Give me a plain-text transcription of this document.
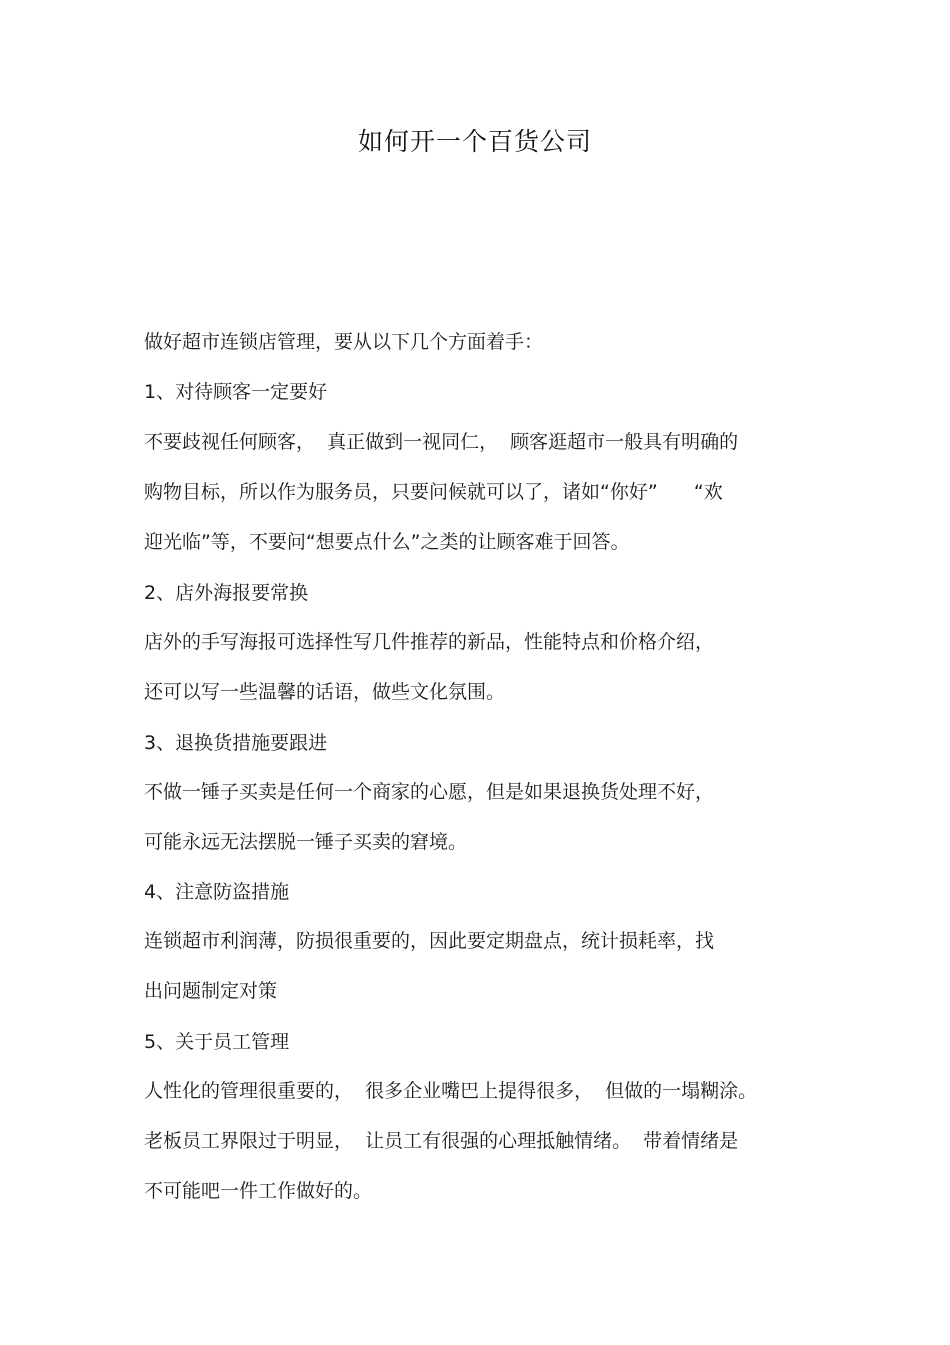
如何开一个百货公司
做好超市连锁店管理，要从以下几个方面着手：
1、对待顾客一定要好
不要歧视任何顾客，  真正做到一视同仁，  顾客逛超市一般具有明确的
购物目标，所以作为服务员，只要问候就可以了，诸如“你好”      “欢
迎光临”等，不要问“想要点什么”之类的让顾客难于回答。
2、店外海报要常换
店外的手写海报可选择性写几件推荐的新品，性能特点和价格介绍，
还可以写一些温馨的话语，做些文化氛围。
3、退换货措施要跟进
不做一锤子买卖是任何一个商家的心愿，但是如果退换货处理不好，
可能永远无法摆脱一锤子买卖的窘境。
4、注意防盗措施
连锁超市利润薄，防损很重要的，因此要定期盘点，统计损耗率，找
出问题制定对策
5、关于员工管理
人性化的管理很重要的，  很多企业嘴巴上提得很多，  但做的一塌糊涂。
老板员工界限过于明显，  让员工有很强的心理抵触情绪。  带着情绪是
不可能吧一件工作做好的。
